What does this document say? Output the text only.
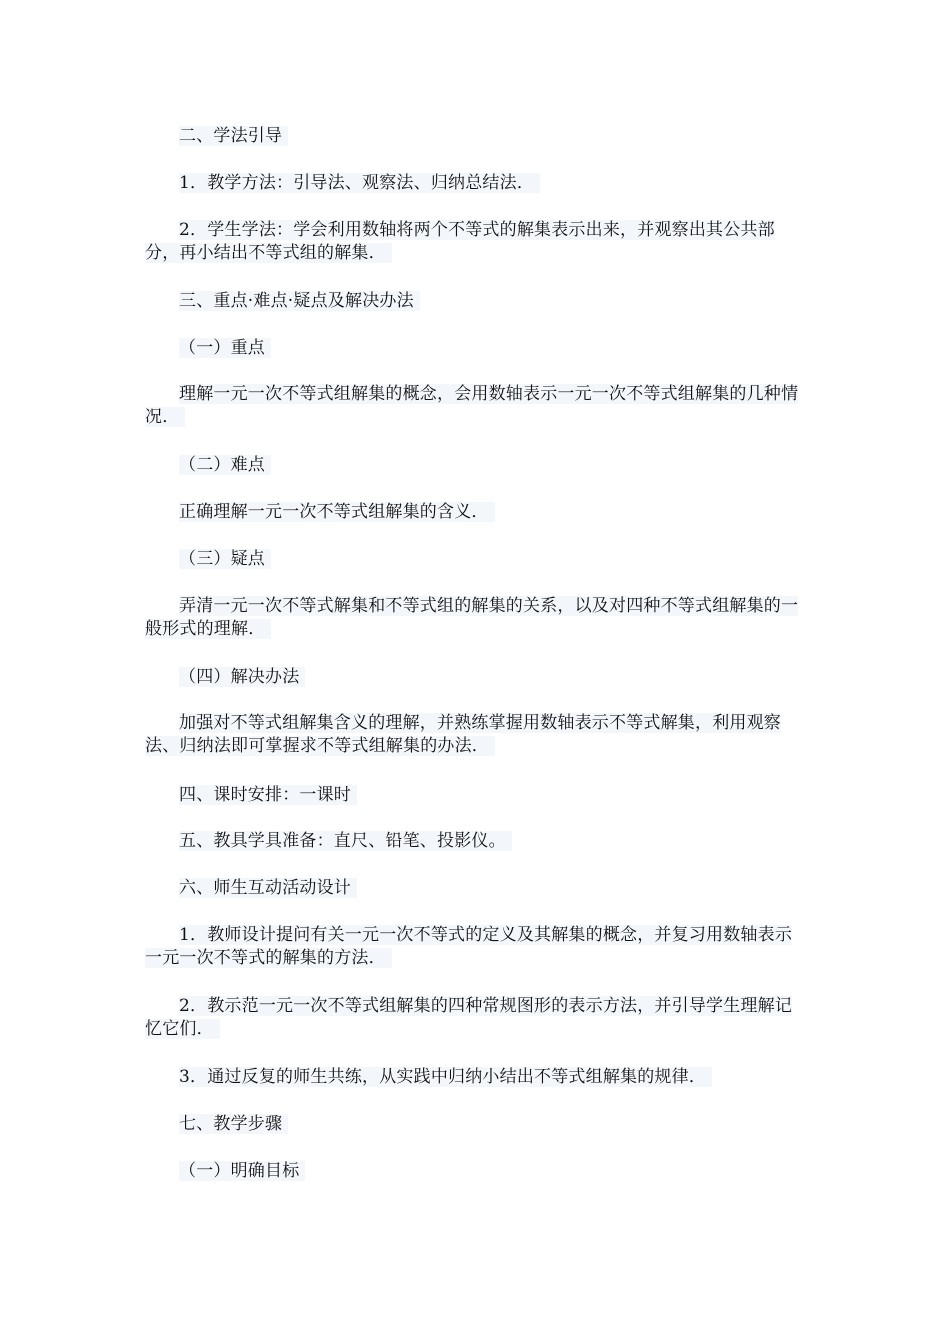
二、学法引导
1．教学方法：引导法、观察法、归纳总结法．
2．学生学法：学会利用数轴将两个不等式的解集表示出来，并观察出其公共部分，再小结出不等式组的解集．
三、重点·难点·疑点及解决办法
（一）重点
理解一元一次不等式组解集的概念，会用数轴表示一元一次不等式组解集的几种情况．
（二）难点
正确理解一元一次不等式组解集的含义．
（三）疑点
弄清一元一次不等式解集和不等式组的解集的关系，以及对四种不等式组解集的一般形式的理解．
（四）解决办法
加强对不等式组解集含义的理解，并熟练掌握用数轴表示不等式解集，利用观察法、归纳法即可掌握求不等式组解集的办法．
四、课时安排：一课时
五、教具学具准备：直尺、铅笔、投影仪。
六、师生互动活动设计
1．教师设计提问有关一元一次不等式的定义及其解集的概念，并复习用数轴表示一元一次不等式的解集的方法．
2．教示范一元一次不等式组解集的四种常规图形的表示方法，并引导学生理解记忆它们．
3．通过反复的师生共练，从实践中归纳小结出不等式组解集的规律．
七、教学步骤
（一）明确目标
